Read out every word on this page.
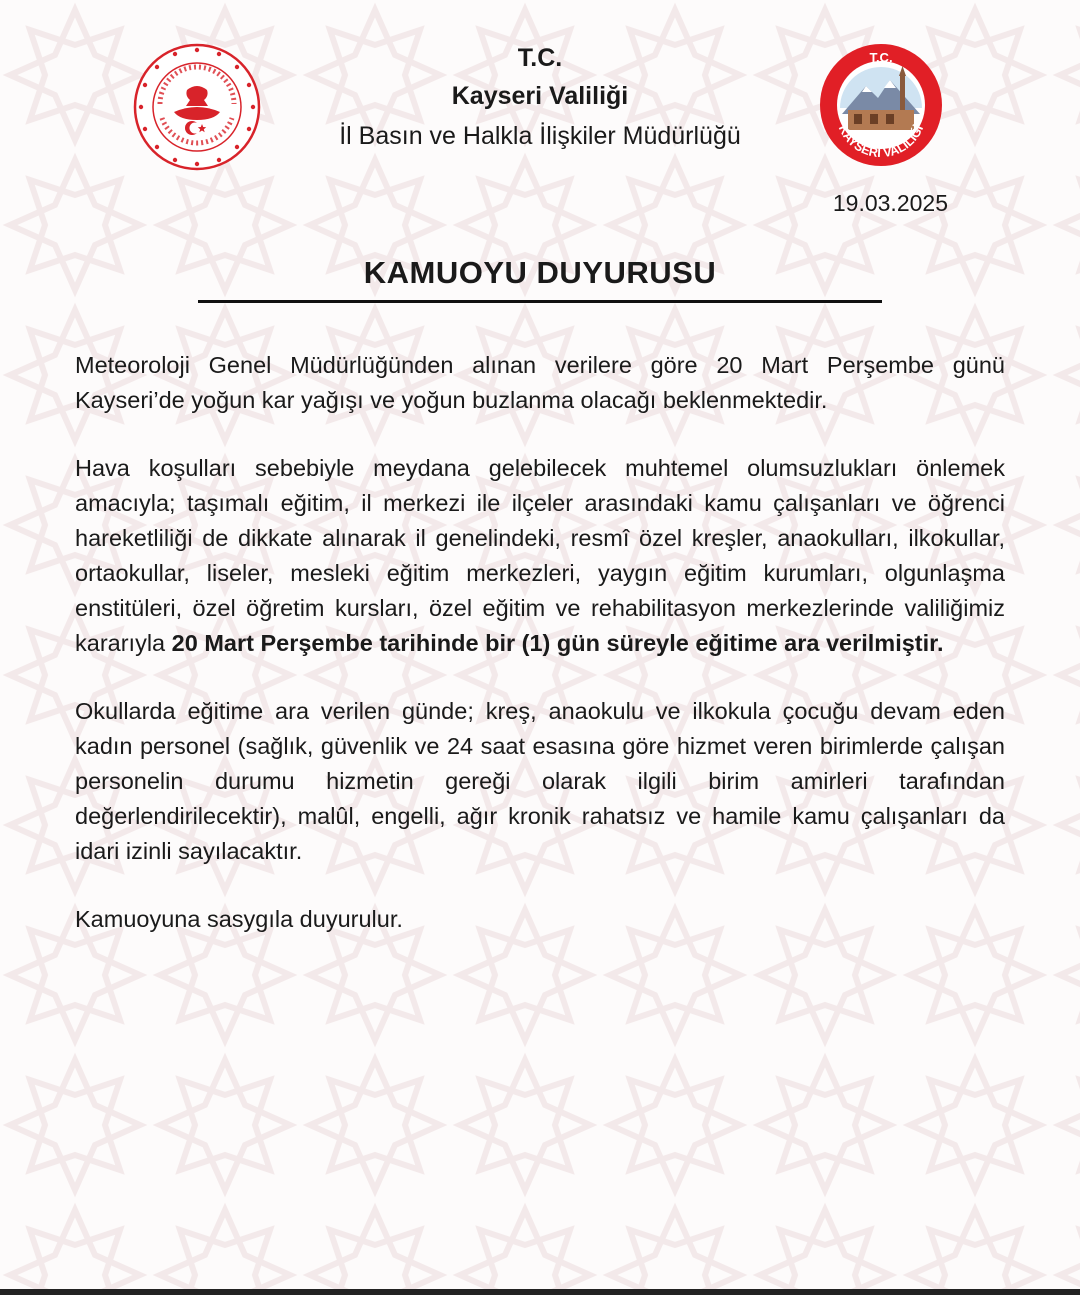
T.C.
KAYSERİ VALİLİĞİ
T.C.
Kayseri Valiliği
İl Basın ve Halkla İlişkiler Müdürlüğü
19.03.2025
KAMUOYU DUYURUSU

Meteoroloji Genel Müdürlüğünden alınan verilere göre 20 Mart Perşembe günü Kayseri’de yoğun kar yağışı ve yoğun buzlanma olacağı beklenmektedir.

Hava koşulları sebebiyle meydana gelebilecek muhtemel olumsuzlukları önlemek amacıyla; taşımalı eğitim, il merkezi ile ilçeler arasındaki kamu çalışanları ve öğrenci hareketliliği de dikkate alınarak il genelindeki, resmî özel kreşler, anaokulları, ilkokullar, ortaokullar, liseler, mesleki eğitim merkezleri, yaygın eğitim kurumları, olgunlaşma enstitüleri, özel öğretim kursları, özel eğitim ve rehabilitasyon merkezlerinde valiliğimiz kararıyla 20 Mart Perşembe tarihinde bir (1) gün süreyle eğitime ara verilmiştir.

Okullarda eğitime ara verilen günde; kreş, anaokulu ve ilkokula çocuğu devam eden kadın personel (sağlık, güvenlik ve 24 saat esasına göre hizmet veren birimlerde çalışan personelin durumu hizmetin gereği olarak ilgili birim amirleri tarafından değerlendirilecektir), malûl, engelli, ağır kronik rahatsız ve hamile kamu çalışanları da idari izinli sayılacaktır.

Kamuoyuna sasygıla duyurulur.
